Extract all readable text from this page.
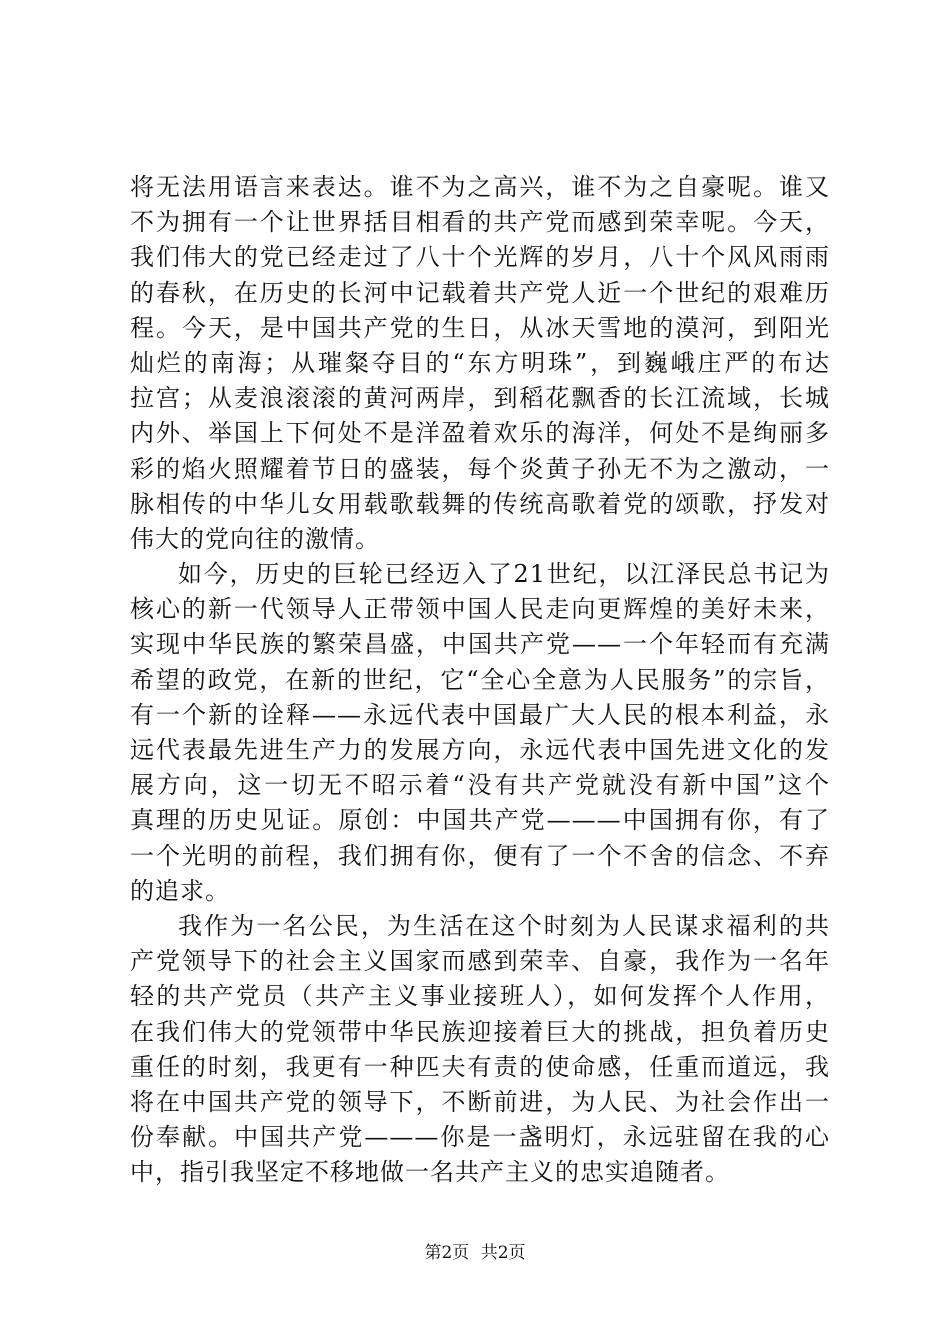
将无法用语言来表达。谁不为之高兴，谁不为之自豪呢。谁又
不为拥有一个让世界括目相看的共产党而感到荣幸呢。今天，
我们伟大的党已经走过了八十个光辉的岁月，八十个风风雨雨
的春秋，在历史的长河中记载着共产党人近一个世纪的艰难历
程。今天，是中国共产党的生日，从冰天雪地的漠河，到阳光
灿烂的南海；从璀粲夺目的“东方明珠”，到巍峨庄严的布达
拉宫；从麦浪滚滚的黄河两岸，到稻花飘香的长江流域，长城
内外、举国上下何处不是洋盈着欢乐的海洋，何处不是绚丽多
彩的焰火照耀着节日的盛装，每个炎黄子孙无不为之激动，一
脉相传的中华儿女用载歌载舞的传统高歌着党的颂歌，抒发对
伟大的党向往的激情。
如今，历史的巨轮已经迈入了21世纪，以江泽民总书记为
核心的新一代领导人正带领中国人民走向更辉煌的美好未来，
实现中华民族的繁荣昌盛，中国共产党——一个年轻而有充满
希望的政党，在新的世纪，它“全心全意为人民服务”的宗旨，
有一个新的诠释——永远代表中国最广大人民的根本利益，永
远代表最先进生产力的发展方向，永远代表中国先进文化的发
展方向，这一切无不昭示着“没有共产党就没有新中国”这个
真理的历史见证。原创：中国共产党———中国拥有你，有了
一个光明的前程，我们拥有你，便有了一个不舍的信念、不弃
的追求。
我作为一名公民，为生活在这个时刻为人民谋求福利的共
产党领导下的社会主义国家而感到荣幸、自豪，我作为一名年
轻的共产党员（共产主义事业接班人），如何发挥个人作用，
在我们伟大的党领带中华民族迎接着巨大的挑战，担负着历史
重任的时刻，我更有一种匹夫有责的使命感，任重而道远，我
将在中国共产党的领导下，不断前进，为人民、为社会作出一
份奉献。中国共产党———你是一盏明灯，永远驻留在我的心
中，指引我坚定不移地做一名共产主义的忠实追随者。
第2页 共2页
